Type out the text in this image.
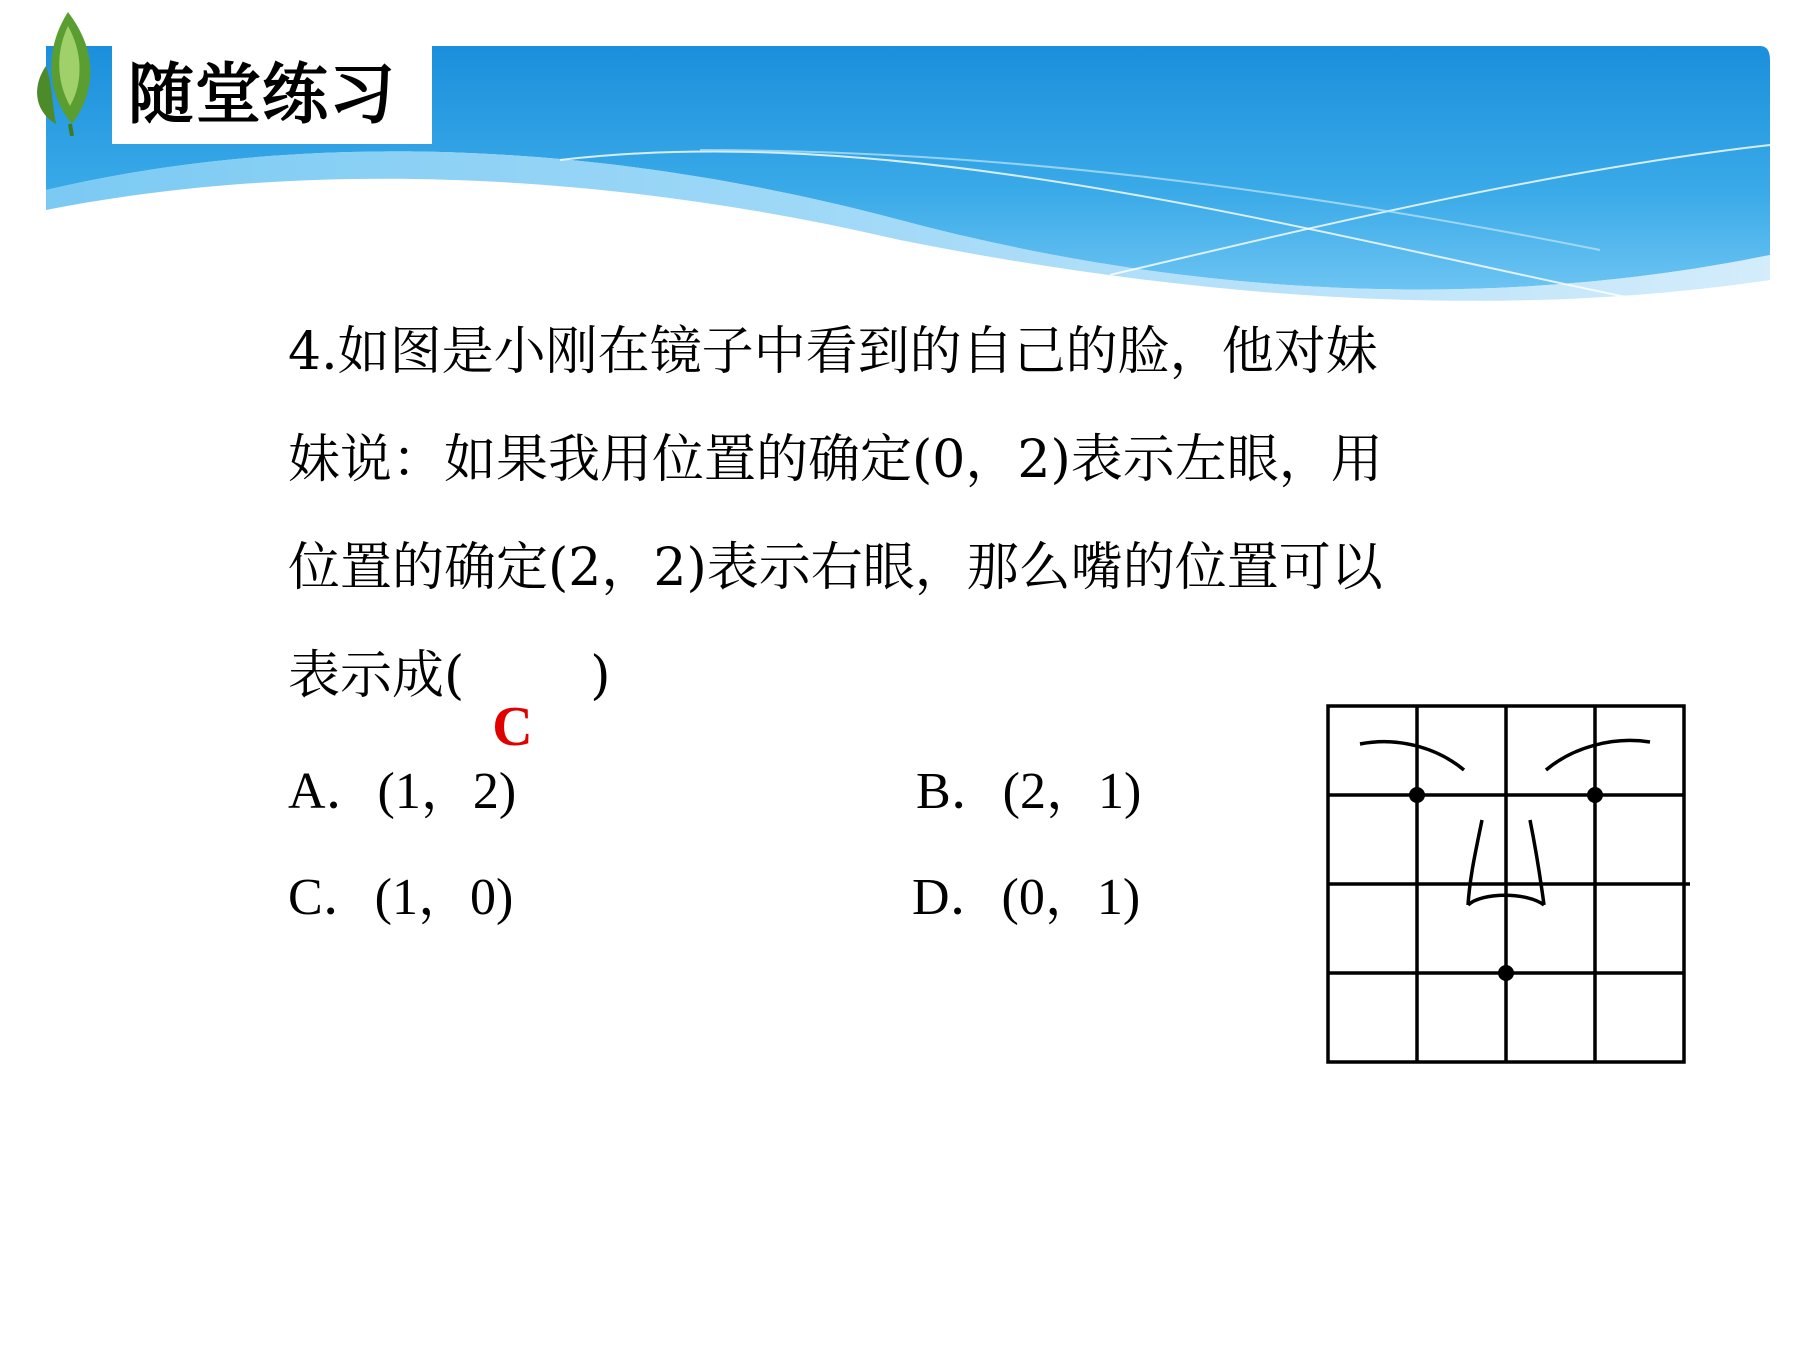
随堂练习
4.如图是小刚在镜子中看到的自己的脸，他对妹
妹说：如果我用位置的确定(0，2)表示左眼，用
位置的确定(2，2)表示右眼，那么嘴的位置可以
表示成(
C
)
A．(1，2)	B．(2，1)
C．(1，0)	D．(0，1)
